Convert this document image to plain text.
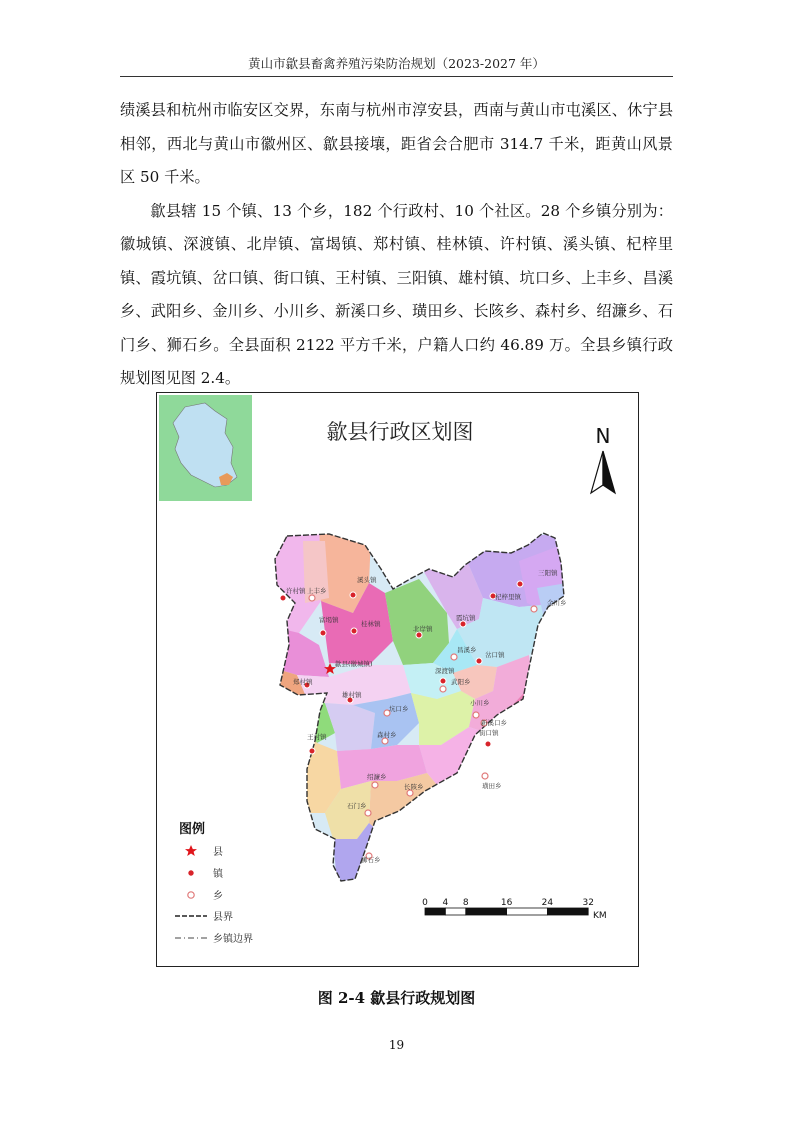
黄山市歙县畜禽养殖污染防治规划（2023-2027 年）

绩溪县和杭州市临安区交界，东南与杭州市淳安县，西南与黄山市屯溪区、休宁县相邻，西北与黄山市徽州区、歙县接壤，距省会合肥市 314.7 千米，距黄山风景区 50 千米。

歙县辖 15 个镇、13 个乡，182 个行政村、10 个社区。28 个乡镇分别为：徽城镇、深渡镇、北岸镇、富堨镇、郑村镇、桂林镇、许村镇、溪头镇、杞梓里镇、霞坑镇、岔口镇、街口镇、王村镇、三阳镇、雄村镇、坑口乡、上丰乡、昌溪乡、武阳乡、金川乡、小川乡、新溪口乡、璜田乡、长陔乡、森村乡、绍濂乡、石门乡、狮石乡。全县面积 2122 平方千米，户籍人口约 46.89 万。全县乡镇行政规划图见图 2.4。

歙县行政区划图	N
许村镇 上丰乡
溪头镇
富堨镇	桂林镇
北岸镇
歙县(徽城镇)
郑村镇
雄村镇
王村镇
坑口乡
森村乡
绍濂乡
石门乡
长陔乡
狮石乡
霞坑镇
昌溪乡
深渡镇
武阳乡
岔口镇
小川乡
新溪口乡
街口镇
璜田乡
杞梓里镇
三阳镇
金川乡
图例
县
镇
乡
县界
乡镇边界
0 4 8	16	24	32
KM
图 2-4 歙县行政规划图
19
